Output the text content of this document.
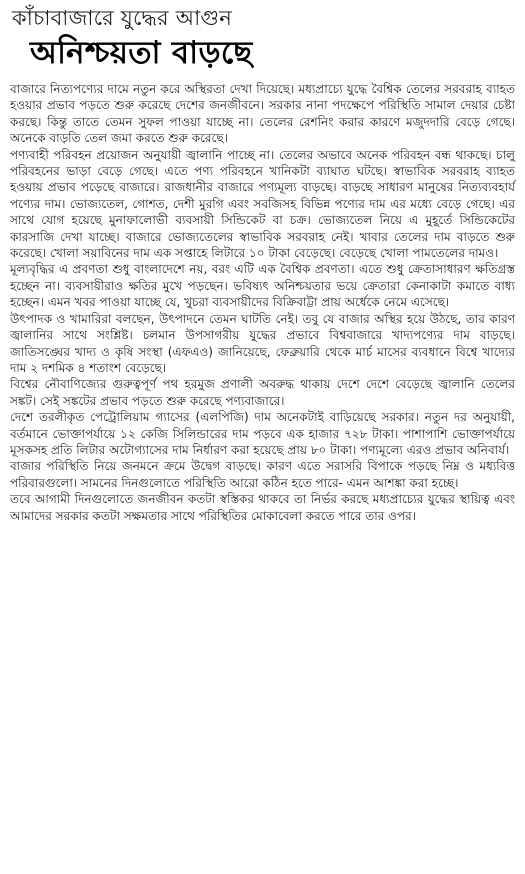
কাঁচাবাজারে যুদ্ধের আগুন
অনিশ্চয়তা বাড়ছে

বাজারে নিত্যপণ্যের দামে নতুন করে অস্থিরতা দেখা দিয়েছে। মধ্যপ্রাচ্যে যুদ্ধে বৈশ্বিক তেলের সরবরাহ ব্যাহত হওয়ার প্রভাব পড়তে শুরু করেছে দেশের জনজীবনে। সরকার নানা পদক্ষেপে পরিস্থিতি সামাল দেয়ার চেষ্টা করছে। কিন্তু তাতে তেমন সুফল পাওয়া যাচ্ছে না। তেলের রেশনিং করার কারণে মজুদদারি বেড়ে গেছে। অনেকে বাড়তি তেল জমা করতে শুরু করেছে।

পণ্যবাহী পরিবহন প্রয়োজন অনুযায়ী জ্বালানি পাচ্ছে না। তেলের অভাবে অনেক পরিবহন বন্ধ থাকছে। চালু পরিবহনের ভাড়া বেড়ে গেছে। এতে পণ্য পরিবহনে খানিকটা ব্যাঘাত ঘটছে। স্বাভাবিক সরবরাহ ব্যাহত হওয়ায় প্রভাব পড়েছে বাজারে। রাজধানীর বাজারে পণ্যমূল্য বাড়ছে। বাড়ছে সাধারণ মানুষের নিত্যব্যবহার্য পণ্যের দাম। ভোজ্যতেল, গোশত, দেশী মুরগি এবং সবজিসহ বিভিন্ন পণ্যের দাম এর মধ্যে বেড়ে গেছে। এর সাথে যোগ হয়েছে মুনাফালোভী ব্যবসায়ী সিন্ডিকেট বা চক্র। ভোজ্যতেল নিয়ে এ মুহূর্তে সিন্ডিকেটের কারসাজি দেখা যাচ্ছে। বাজারে ভোজ্যতেলের স্বাভাবিক সরবরাহ নেই। খাবার তেলের দাম বাড়তে শুরু করেছে। খোলা সয়াবিনের দাম এক সপ্তাহে লিটারে ১০ টাকা বেড়েছে। বেড়েছে খোলা পামতেলের দামও।

মূল্যবৃদ্ধির এ প্রবণতা শুধু বাংলাদেশে নয়, বরং এটি এক বৈশ্বিক প্রবণতা। এতে শুধু ক্রেতাসাধারণ ক্ষতিগ্রস্ত হচ্ছেন না। ব্যবসায়ীরাও ক্ষতির মুখে পড়ছেন। ভবিষ্যৎ অনিশ্চয়তার ভয়ে ক্রেতারা কেনাকাটা কমাতে বাধ্য হচ্ছেন। এমন খবর পাওয়া যাচ্ছে যে, খুচরা ব্যবসায়ীদের বিক্রিবাট্টা প্রায় অর্ধেকে নেমে এসেছে।

উৎপাদক ও খামারিরা বলছেন, উৎপাদনে তেমন ঘাটতি নেই। তবু যে বাজার অস্থির হয়ে উঠছে, তার কারণ জ্বালানির সাথে সংশ্লিষ্ট। চলমান উপসাগরীয় যুদ্ধের প্রভাবে বিশ্ববাজারে খাদ্যপণ্যের দাম বাড়ছে। জাতিসঙ্ঘের খাদ্য ও কৃষি সংস্থা (এফএও) জানিয়েছে, ফেব্রুয়ারি থেকে মার্চ মাসের ব্যবধানে বিশ্বে খাদ্যের দাম ২ দশমিক ৪ শতাংশ বেড়েছে।

বিশ্বের নৌবাণিজ্যের গুরুত্বপূর্ণ পথ হরমুজ প্রণালী অবরুদ্ধ থাকায় দেশে দেশে বেড়েছে জ্বালানি তেলের সঙ্কট। সেই সঙ্কটের প্রভাব পড়তে শুরু করেছে পণ্যবাজারে।

দেশে তরলীকৃত পেট্রোলিয়াম গ্যাসের (এলপিজি) দাম অনেকটাই বাড়িয়েছে সরকার। নতুন দর অনুযায়ী, বর্তমানে ভোক্তাপর্যায়ে ১২ কেজি সিলিন্ডারের দাম পড়বে এক হাজার ৭২৮ টাকা। পাশাপাশি ভোক্তাপর্যায়ে মূসকসহ প্রতি লিটার অটোগ্যাসের দাম নির্ধারণ করা হয়েছে প্রায় ৮০ টাকা। পণ্যমূল্যে এরও প্রভাব অনিবার্য।

বাজার পরিস্থিতি নিয়ে জনমনে ক্রমে উদ্বেগ বাড়ছে। কারণ এতে সরাসরি বিপাকে পড়ছে নিম্ন ও মধ্যবিত্ত পরিবারগুলো। সামনের দিনগুলোতে পরিস্থিতি আরো কঠিন হতে পারে- এমন আশঙ্কা করা হচ্ছে।

তবে আগামী দিনগুলোতে জনজীবন কতটা স্বস্তিকর থাকবে তা নির্ভর করছে মধ্যপ্রাচ্যের যুদ্ধের স্থায়িত্ব এবং আমাদের সরকার কতটা সক্ষমতার সাথে পরিস্থিতির মোকাবেলা করতে পারে তার ওপর।
